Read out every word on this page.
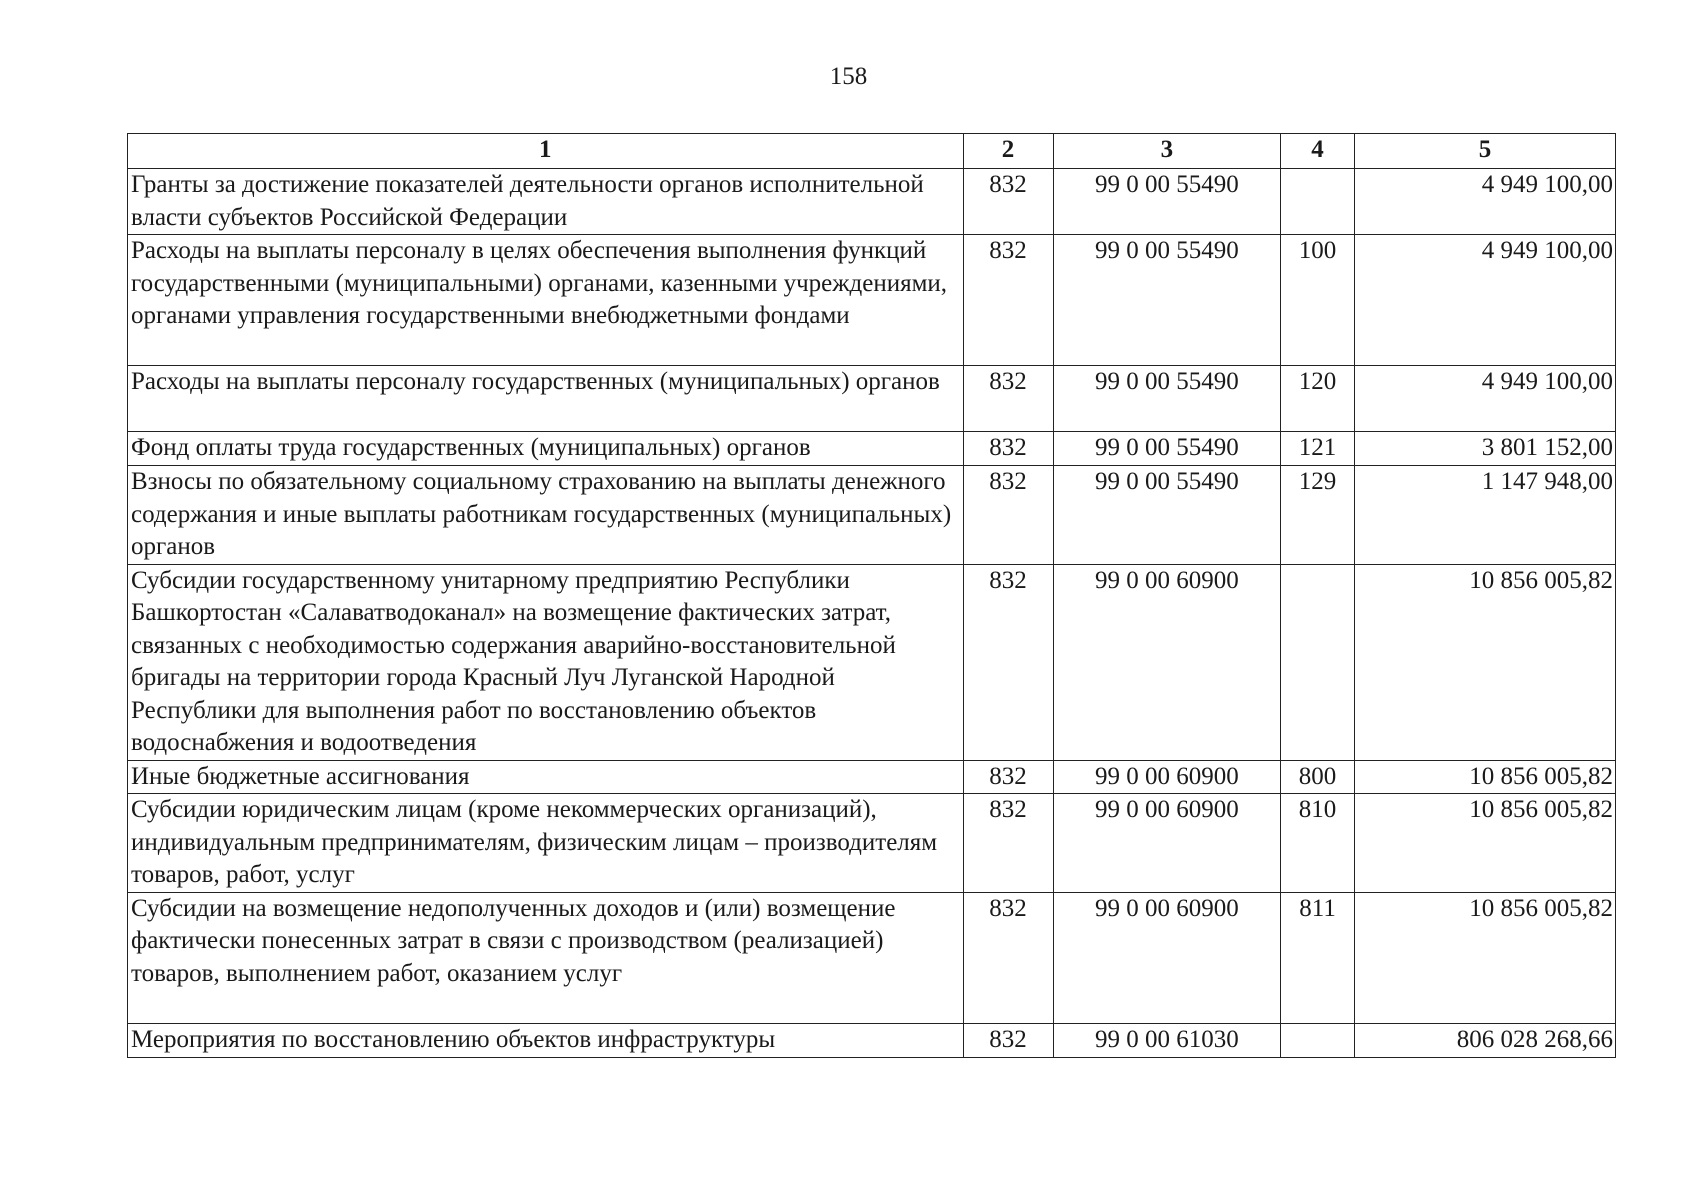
158
1	2	3	4	5
Гранты за достижение показателей деятельности органов исполнительной власти субъектов Российской Федерации	832	99 0 00 55490		4 949 100,00
Расходы на выплаты персоналу в целях обеспечения выполнения функций государственными (муниципальными) органами, казенными учреждениями, органами управления государственными внебюджетными фондами	832	99 0 00 55490	100	4 949 100,00
Расходы на выплаты персоналу государственных (муниципальных) органов	832	99 0 00 55490	120	4 949 100,00
Фонд оплаты труда государственных (муниципальных) органов	832	99 0 00 55490	121	3 801 152,00
Взносы по обязательному социальному страхованию на выплаты денежного содержания и иные выплаты работникам государственных (муниципальных) органов	832	99 0 00 55490	129	1 147 948,00
Субсидии государственному унитарному предприятию Республики Башкортостан «Салаватводоканал» на возмещение фактических затрат, связанных с необходимостью содержания аварийно-восстановительной бригады на территории города Красный Луч Луганской Народной Республики для выполнения работ по восстановлению объектов водоснабжения и водоотведения	832	99 0 00 60900		10 856 005,82
Иные бюджетные ассигнования	832	99 0 00 60900	800	10 856 005,82
Субсидии юридическим лицам (кроме некоммерческих организаций), индивидуальным предпринимателям, физическим лицам – производителям товаров, работ, услуг	832	99 0 00 60900	810	10 856 005,82
Субсидии на возмещение недополученных доходов и (или) возмещение фактически понесенных затрат в связи с производством (реализацией) товаров, выполнением работ, оказанием услуг	832	99 0 00 60900	811	10 856 005,82
Мероприятия по восстановлению объектов инфраструктуры	832	99 0 00 61030		806 028 268,66
